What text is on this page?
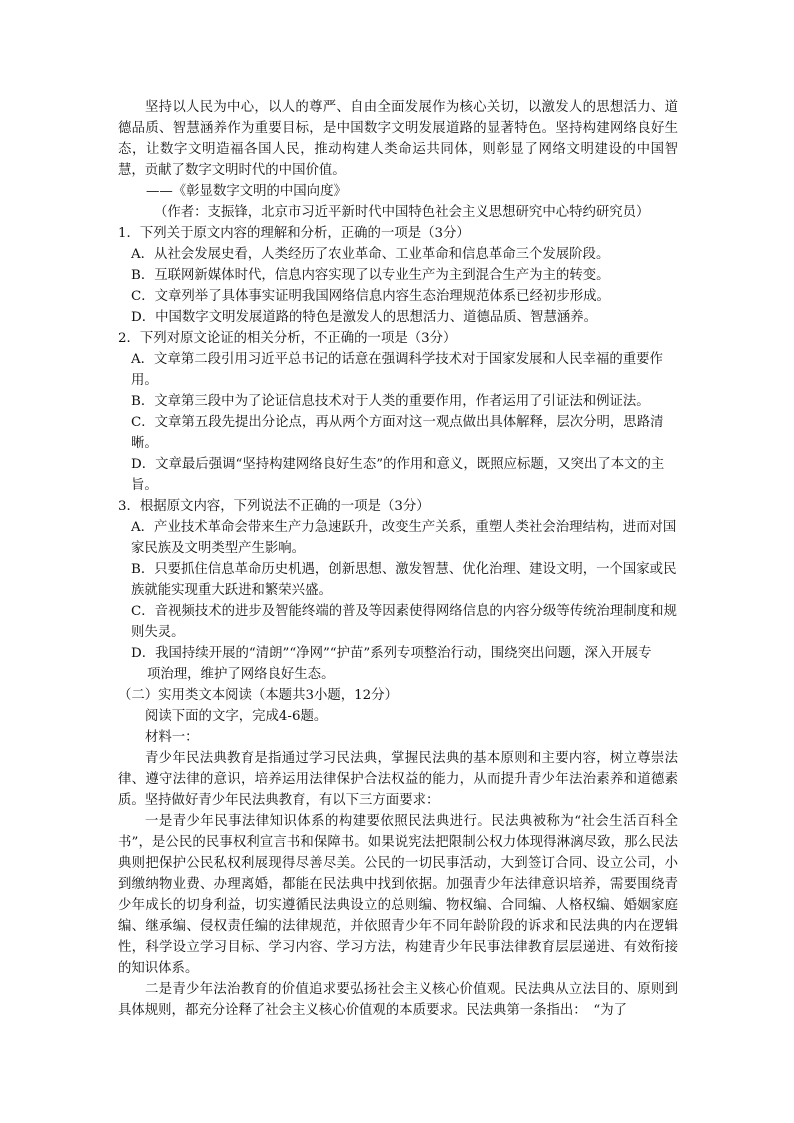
坚持以人民为中心，以人的尊严、自由全面发展作为核心关切，以激发人的思想活力、道德品质、智慧涵养作为重要目标，是中国数字文明发展道路的显著特色。坚持构建网络良好生态，让数字文明造福各国人民，推动构建人类命运共同体，则彰显了网络文明建设的中国智慧，贡献了数字文明时代的中国价值。

——《彰显数字文明的中国向度》

（作者：支振锋，北京市习近平新时代中国特色社会主义思想研究中心特约研究员）

1．下列关于原文内容的理解和分析，正确的一项是（3分）

A．从社会发展史看，人类经历了农业革命、工业革命和信息革命三个发展阶段。

B．互联网新媒体时代，信息内容实现了以专业生产为主到混合生产为主的转变。

C．文章列举了具体事实证明我国网络信息内容生态治理规范体系已经初步形成。

D．中国数字文明发展道路的特色是激发人的思想活力、道德品质、智慧涵养。

2．下列对原文论证的相关分析，不正确的一项是（3分）

A．文章第二段引用习近平总书记的话意在强调科学技术对于国家发展和人民幸福的重要作用。

B．文章第三段中为了论证信息技术对于人类的重要作用，作者运用了引证法和例证法。

C．文章第五段先提出分论点，再从两个方面对这一观点做出具体解释，层次分明，思路清晰。

D．文章最后强调“坚持构建网络良好生态”的作用和意义，既照应标题，又突出了本文的主旨。

3．根据原文内容，下列说法不正确的一项是（3分）

A．产业技术革命会带来生产力急速跃升，改变生产关系，重塑人类社会治理结构，进而对国家民族及文明类型产生影响。

B．只要抓住信息革命历史机遇，创新思想、激发智慧、优化治理、建设文明，一个国家或民族就能实现重大跃进和繁荣兴盛。

C．音视频技术的进步及智能终端的普及等因素使得网络信息的内容分级等传统治理制度和规则失灵。

D．我国持续开展的“清朗”“净网”“护苗”系列专项整治行动，围绕突出问题，深入开展专
项治理，维护了网络良好生态。

（二）实用类文本阅读（本题共3小题，12分）

阅读下面的文字，完成4-6题。

材料一：

青少年民法典教育是指通过学习民法典，掌握民法典的基本原则和主要内容，树立尊崇法律、遵守法律的意识，培养运用法律保护合法权益的能力，从而提升青少年法治素养和道德素质。坚持做好青少年民法典教育，有以下三方面要求：

一是青少年民事法律知识体系的构建要依照民法典进行。民法典被称为“社会生活百科全书”，是公民的民事权利宣言书和保障书。如果说宪法把限制公权力体现得淋漓尽致，那么民法典则把保护公民私权利展现得尽善尽美。公民的一切民事活动，大到签订合同、设立公司，小到缴纳物业费、办理离婚，都能在民法典中找到依据。加强青少年法律意识培养，需要围绕青少年成长的切身利益，切实遵循民法典设立的总则编、物权编、合同编、人格权编、婚姻家庭编、继承编、侵权责任编的法律规范，并依照青少年不同年龄阶段的诉求和民法典的内在逻辑性，科学设立学习目标、学习内容、学习方法，构建青少年民事法律教育层层递进、有效衔接的知识体系。

二是青少年法治教育的价值追求要弘扬社会主义核心价值观。民法典从立法目的、原则到具体规则，都充分诠释了社会主义核心价值观的本质要求。民法典第一条指出：　“为了
